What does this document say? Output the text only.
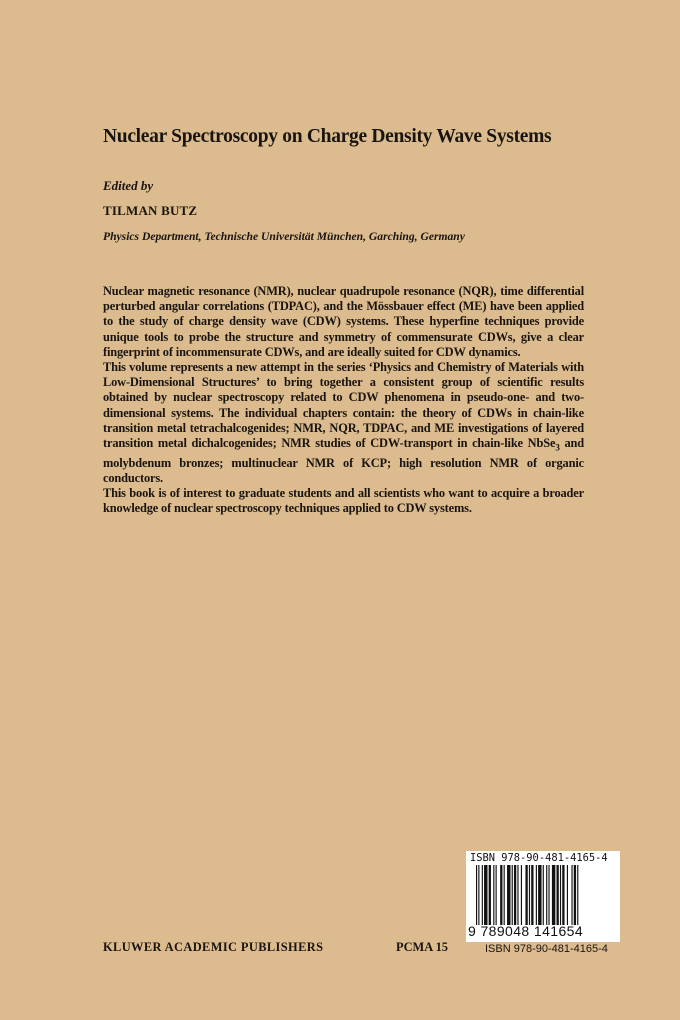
Nuclear Spectroscopy on Charge Density Wave Systems
Edited by
TILMAN BUTZ
Physics Department, Technische Universität München, Garching, Germany

Nuclear magnetic resonance (NMR), nuclear quadrupole resonance (NQR), time differential perturbed angular correlations (TDPAC), and the Mössbauer effect (ME) have been applied to the study of charge density wave (CDW) systems. These hyperfine techniques provide unique tools to probe the structure and symmetry of commensurate CDWs, give a clear fingerprint of incommensurate CDWs, and are ideally suited for CDW dynamics.

This volume represents a new attempt in the series ‘Physics and Chemistry of Materials with Low-Dimensional Structures’ to bring together a consistent group of scientific results obtained by nuclear spectroscopy related to CDW phenomena in pseudo-one- and two-dimensional systems. The individual chapters contain: the theory of CDWs in chain-like transition metal tetrachalcogenides; NMR, NQR, TDPAC, and ME investigations of layered transition metal dichalcogenides; NMR studies of CDW-transport in chain-like NbSe$_3$ and molybdenum bronzes; multinuclear NMR of KCP; high resolution NMR of organic conductors.

This book is of interest to graduate students and all scientists who want to acquire a broader knowledge of nuclear spectroscopy techniques applied to CDW systems.

ISBN 978-90-481-4165-4
9 789048 141654
ISBN 978-90-481-4165-4
KLUWER ACADEMIC PUBLISHERS	PCMA 15
